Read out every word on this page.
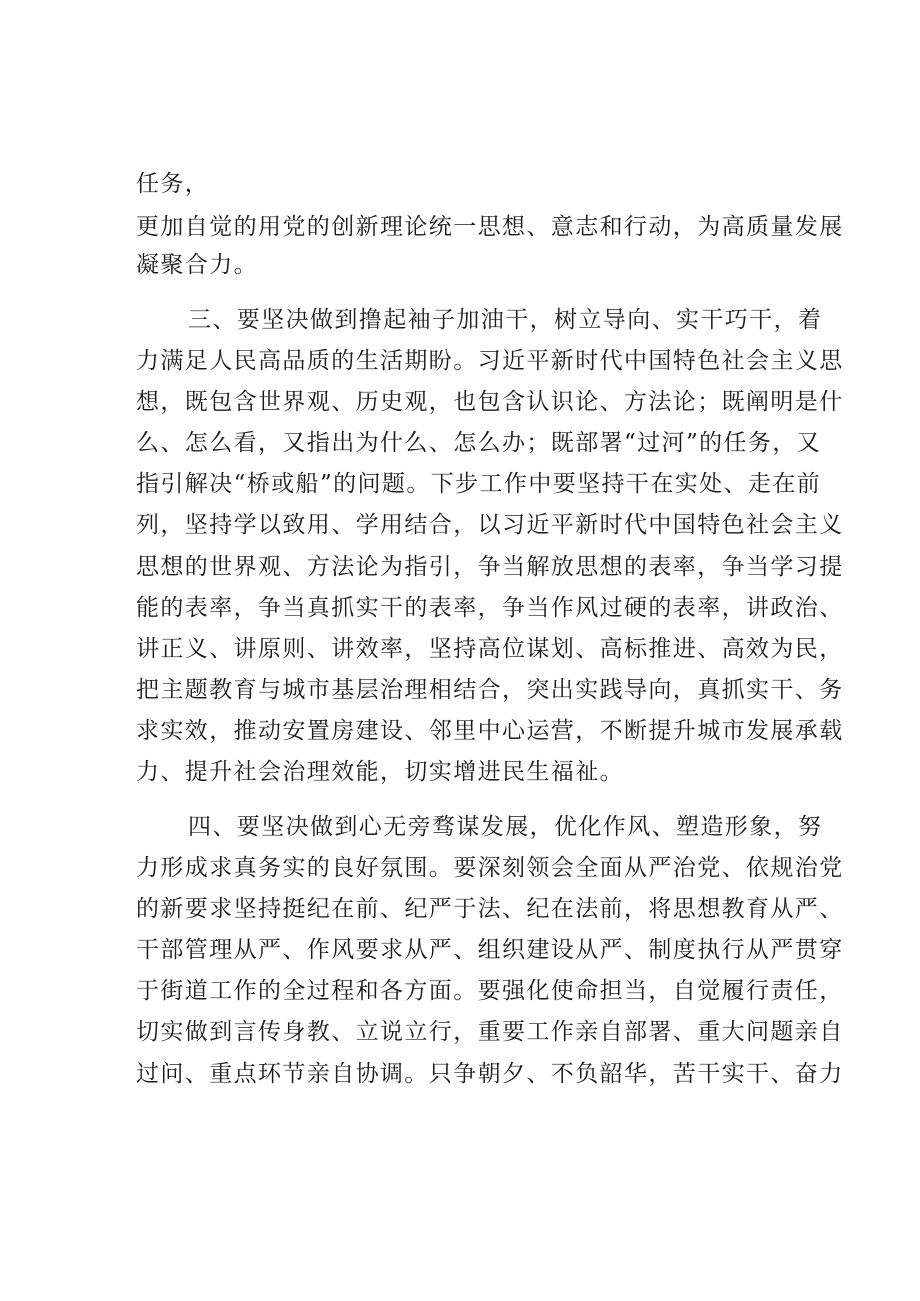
任务，
更加自觉的用党的创新理论统一思想、意志和行动，为高质量发展
凝聚合力。
三、要坚决做到撸起袖子加油干，树立导向、实干巧干，着
力满足人民高品质的生活期盼。习近平新时代中国特色社会主义思
想，既包含世界观、历史观，也包含认识论、方法论；既阐明是什
么、怎么看，又指出为什么、怎么办；既部署“过河”的任务，又
指引解决“桥或船”的问题。下步工作中要坚持干在实处、走在前
列，坚持学以致用、学用结合，以习近平新时代中国特色社会主义
思想的世界观、方法论为指引，争当解放思想的表率，争当学习提
能的表率，争当真抓实干的表率，争当作风过硬的表率，讲政治、
讲正义、讲原则、讲效率，坚持高位谋划、高标推进、高效为民，
把主题教育与城市基层治理相结合，突出实践导向，真抓实干、务
求实效，推动安置房建设、邻里中心运营，不断提升城市发展承载
力、提升社会治理效能，切实增进民生福祉。
四、要坚决做到心无旁骛谋发展，优化作风、塑造形象，努
力形成求真务实的良好氛围。要深刻领会全面从严治党、依规治党
的新要求坚持挺纪在前、纪严于法、纪在法前，将思想教育从严、
干部管理从严、作风要求从严、组织建设从严、制度执行从严贯穿
于街道工作的全过程和各方面。要强化使命担当，自觉履行责任，
切实做到言传身教、立说立行，重要工作亲自部署、重大问题亲自
过问、重点环节亲自协调。只争朝夕、不负韶华，苦干实干、奋力
